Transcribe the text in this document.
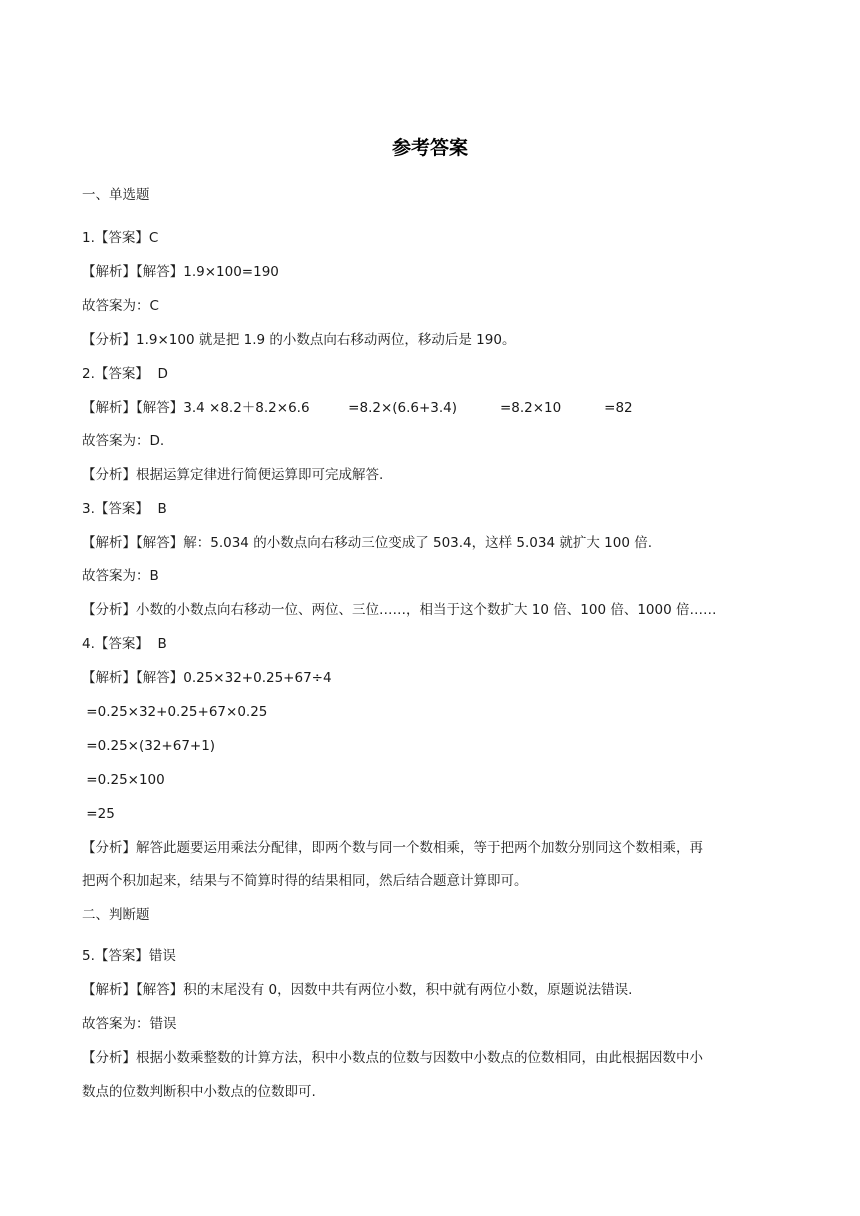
参考答案
一、单选题
1.【答案】C
【解析】【解答】1.9×100=190
故答案为：C
【分析】1.9×100 就是把 1.9 的小数点向右移动两位，移动后是 190。
2.【答案】  D
【解析】【解答】3.4 ×8.2＋8.2×6.6         =8.2×(6.6+3.4)          =8.2×10          =82
故答案为：D.
【分析】根据运算定律进行简便运算即可完成解答.
3.【答案】  B
【解析】【解答】解：5.034 的小数点向右移动三位变成了 503.4，这样 5.034 就扩大 100 倍.
故答案为：B
【分析】小数的小数点向右移动一位、两位、三位……，相当于这个数扩大 10 倍、100 倍、1000 倍……
4.【答案】  B
【解析】【解答】0.25×32+0.25+67÷4
=0.25×32+0.25+67×0.25
=0.25×(32+67+1)
=0.25×100
=25
【分析】解答此题要运用乘法分配律，即两个数与同一个数相乘，等于把两个加数分别同这个数相乘，再
把两个积加起来，结果与不简算时得的结果相同，然后结合题意计算即可。
二、判断题
5.【答案】错误
【解析】【解答】积的末尾没有 0，因数中共有两位小数，积中就有两位小数，原题说法错误.
故答案为：错误
【分析】根据小数乘整数的计算方法，积中小数点的位数与因数中小数点的位数相同，由此根据因数中小
数点的位数判断积中小数点的位数即可.
